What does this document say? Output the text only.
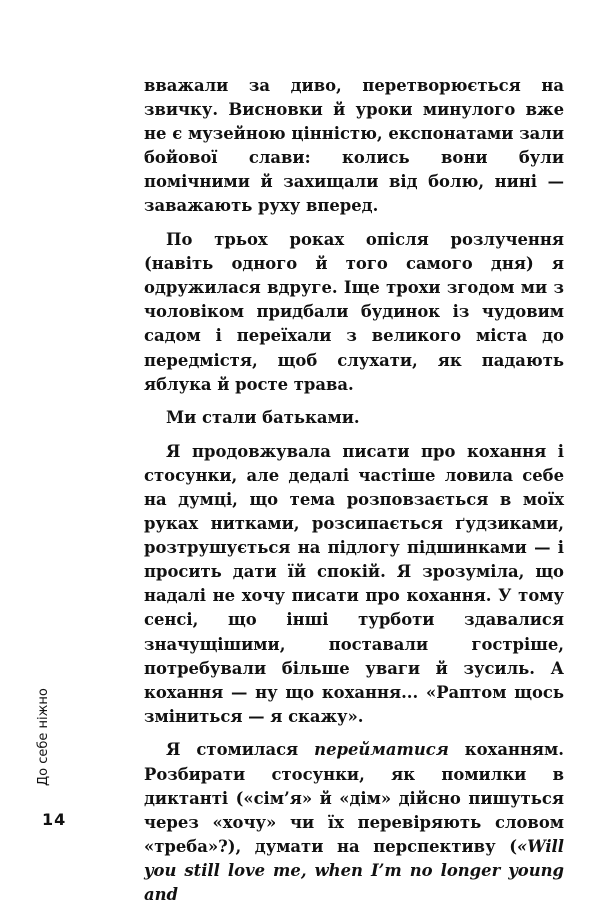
вважали за диво, перетворюється на звичку. Висновки й уроки минулого вже не є музейною цінністю, експонатами зали бойової слави: колись вони були помічними й захищали від болю, нині — заважають руху вперед.

По трьох роках опісля розлучення (навіть одного й того самого дня) я одружилася вдруге. Іще трохи згодом ми з чоловіком придбали будинок із чудовим садом і переїхали з великого міста до передмістя, щоб слухати, як падають яблука й росте трава.

Ми стали батьками.

Я продовжувала писати про кохання і стосунки, але дедалі частіше ловила себе на думці, що тема розповзається в моїх руках нитками, розсипається ґудзиками, розтрушується на підлогу підшинками — і просить дати їй спокій. Я зрозуміла, що надалі не хочу писати про кохання. У тому сенсі, що інші турботи здавалися значущішими, поставали гостріше, потребували більше уваги й зусиль. А кохання — ну що кохання... «Раптом щось зміниться — я скажу».

Я стомилася перейматися коханням. Розбирати стосунки, як помилки в диктанті («сім’я» й «дім» дійсно пишуться через «хочу» чи їх перевіряють словом «треба»?), думати на перспективу («Will you still love me, when I’m no longer young and

До себе ніжно
14
